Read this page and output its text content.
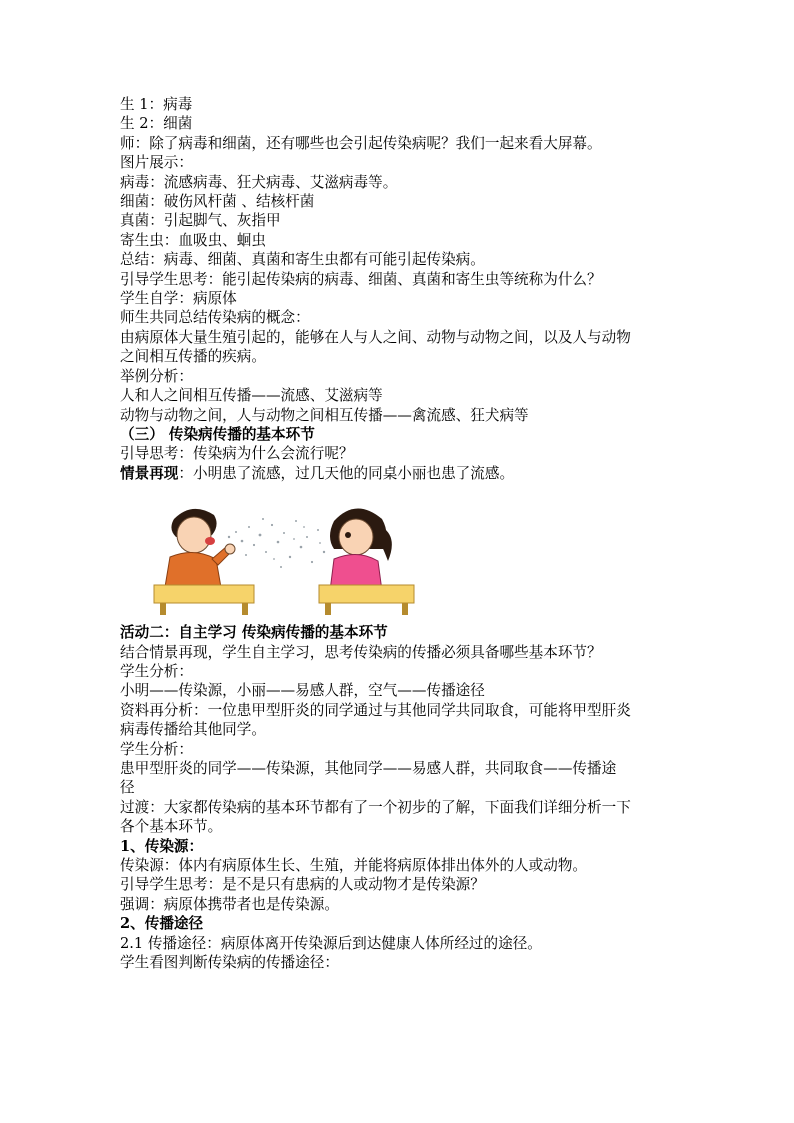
生 1：病毒
生 2：细菌
师：除了病毒和细菌，还有哪些也会引起传染病呢？我们一起来看大屏幕。
图片展示：
病毒：流感病毒、狂犬病毒、艾滋病毒等。
细菌：破伤风杆菌 、结核杆菌
真菌：引起脚气、灰指甲
寄生虫：血吸虫、蛔虫
总结：病毒、细菌、真菌和寄生虫都有可能引起传染病。
引导学生思考：能引起传染病的病毒、细菌、真菌和寄生虫等统称为什么？
学生自学：病原体
师生共同总结传染病的概念：
由病原体大量生殖引起的，能够在人与人之间、动物与动物之间，以及人与动物
之间相互传播的疾病。
举例分析：
人和人之间相互传播——流感、艾滋病等
动物与动物之间，人与动物之间相互传播——禽流感、狂犬病等
（三） 传染病传播的基本环节
引导思考：传染病为什么会流行呢？
情景再现：小明患了流感，过几天他的同桌小丽也患了流感。
活动二：自主学习 传染病传播的基本环节
结合情景再现，学生自主学习，思考传染病的传播必须具备哪些基本环节？
学生分析：
小明——传染源，小丽——易感人群，空气——传播途径
资料再分析：一位患甲型肝炎的同学通过与其他同学共同取食，可能将甲型肝炎
病毒传播给其他同学。
学生分析：
患甲型肝炎的同学——传染源，其他同学——易感人群，共同取食——传播途
径
过渡：大家都传染病的基本环节都有了一个初步的了解，下面我们详细分析一下
各个基本环节。
1、传染源：
传染源：体内有病原体生长、生殖，并能将病原体排出体外的人或动物。
引导学生思考：是不是只有患病的人或动物才是传染源？
强调：病原体携带者也是传染源。
2、传播途径
2.1 传播途径：病原体离开传染源后到达健康人体所经过的途径。
学生看图判断传染病的传播途径：
